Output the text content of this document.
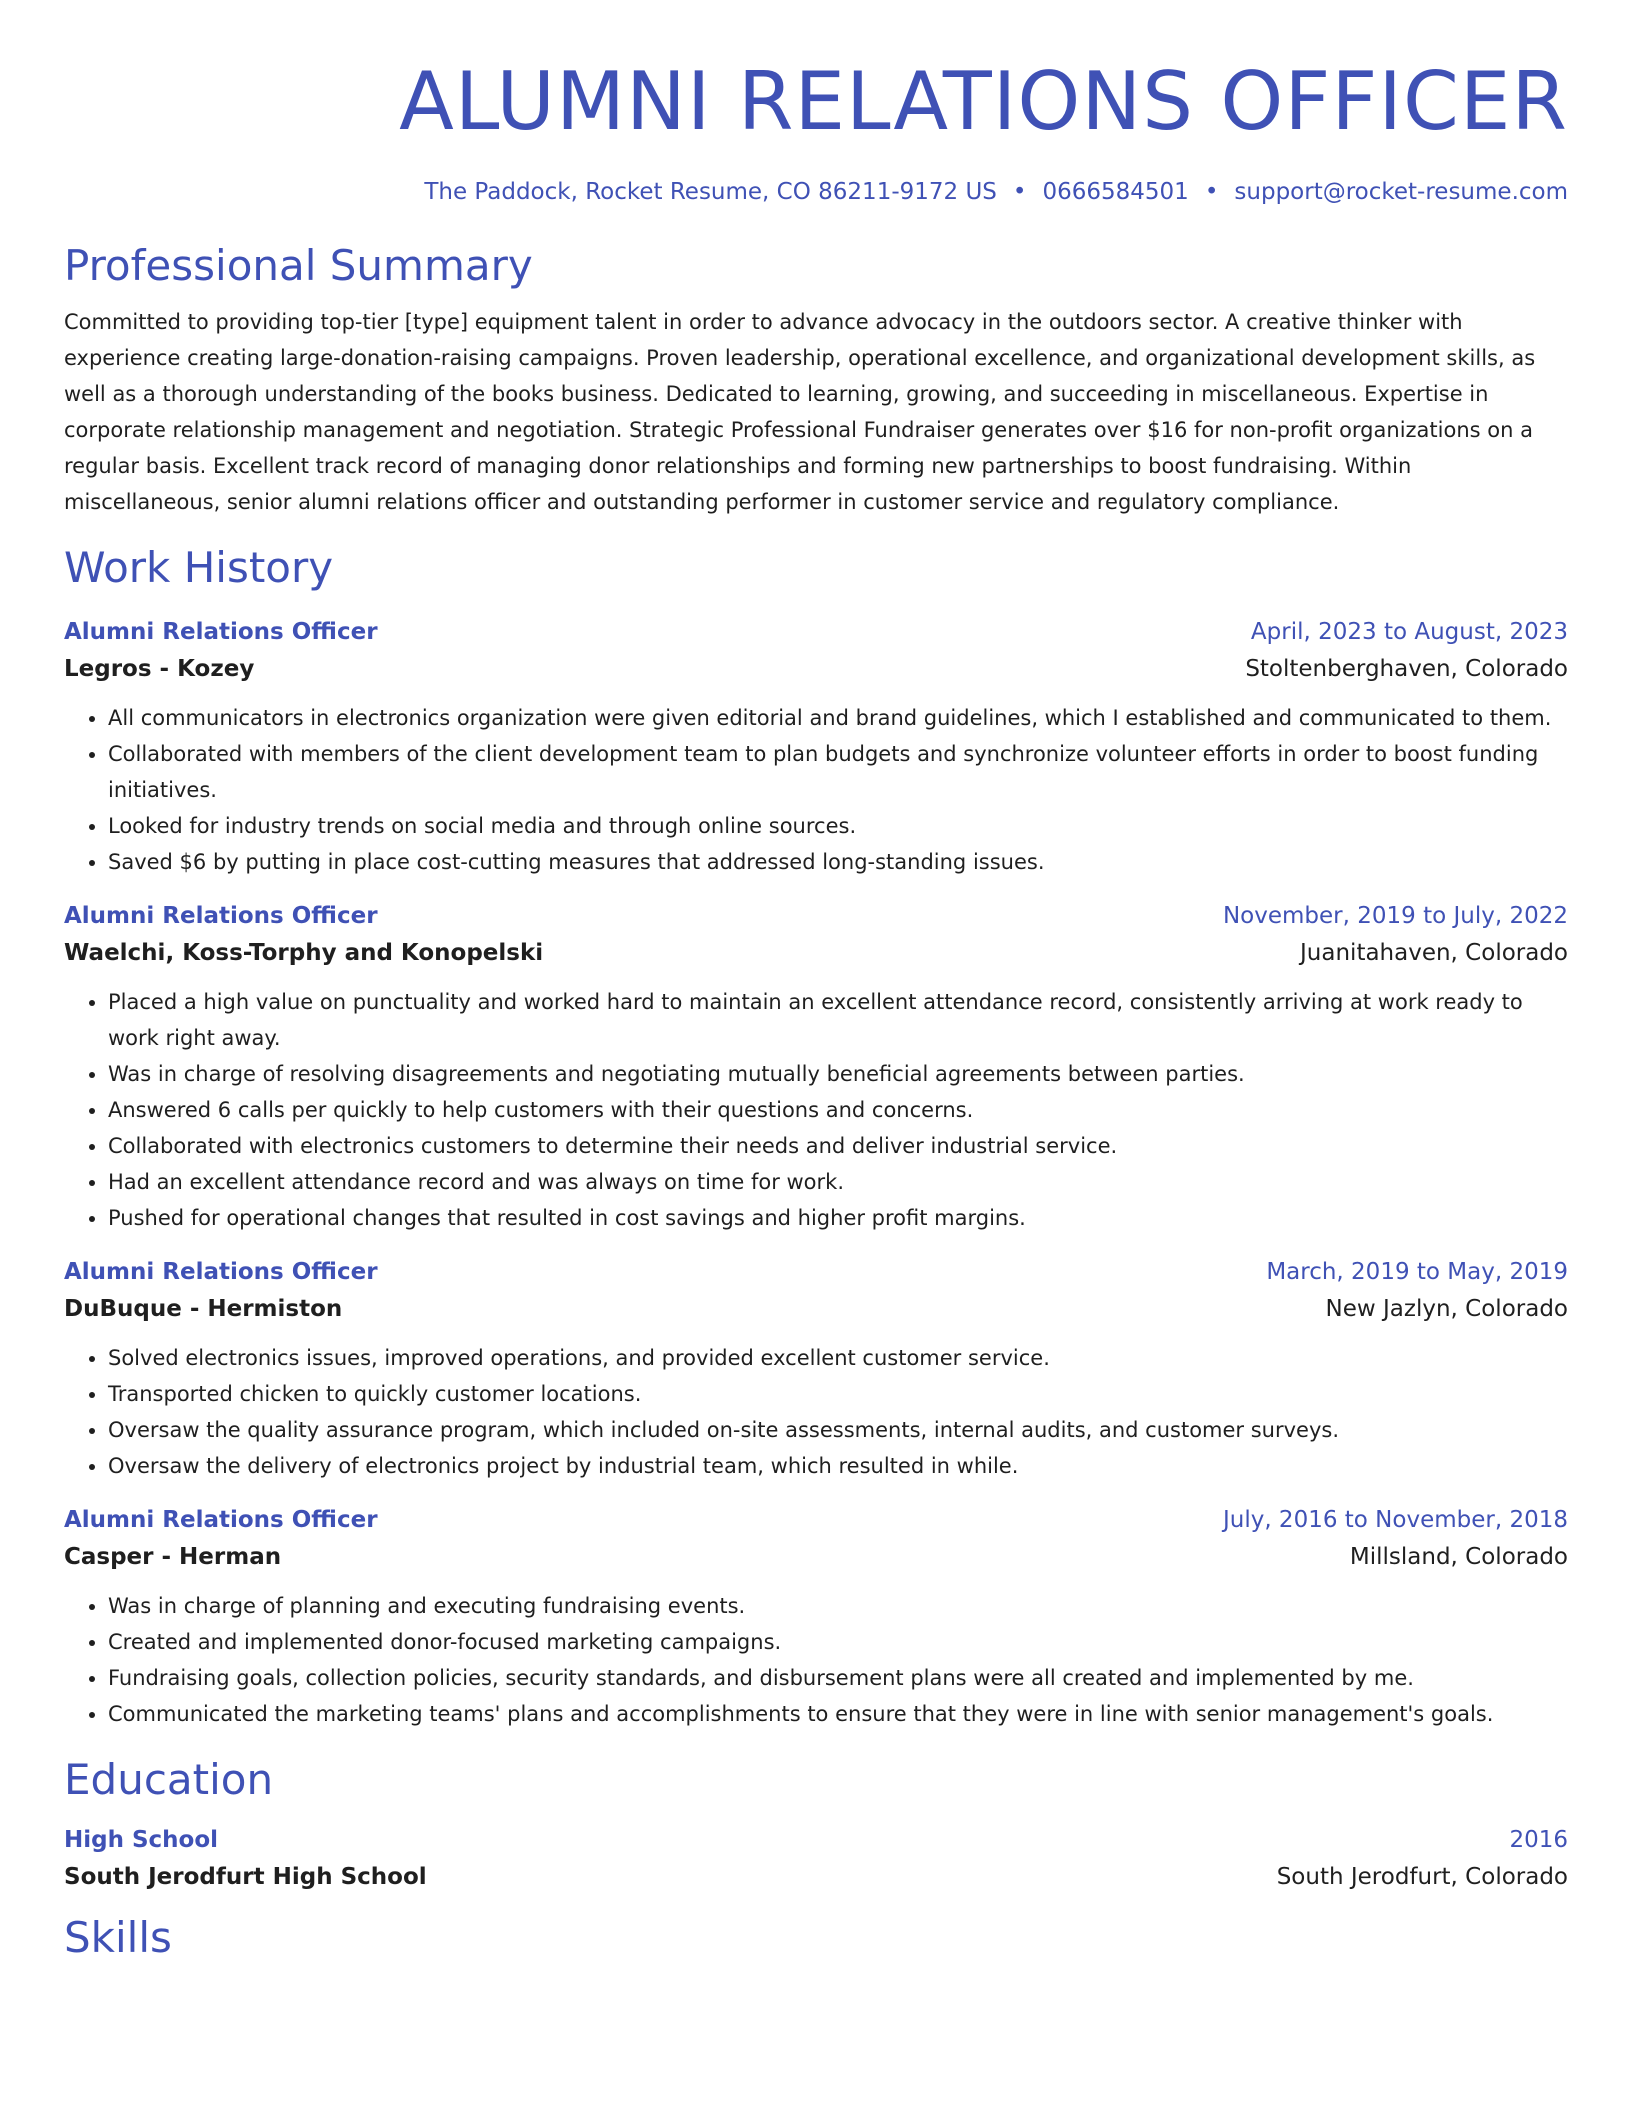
ALUMNI RELATIONS OFFICER
The Paddock, Rocket Resume, CO 86211-9172 US • 0666584501 • support@rocket-resume.com
Professional Summary
Committed to providing top-tier [type] equipment talent in order to advance advocacy in the outdoors sector. A creative thinker with experience creating large-donation-raising campaigns. Proven leadership, operational excellence, and organizational development skills, as well as a thorough understanding of the books business. Dedicated to learning, growing, and succeeding in miscellaneous. Expertise in corporate relationship management and negotiation. Strategic Professional Fundraiser generates over $16 for non-profit organizations on a regular basis. Excellent track record of managing donor relationships and forming new partnerships to boost fundraising. Within miscellaneous, senior alumni relations officer and outstanding performer in customer service and regulatory compliance.
Work History
Alumni Relations Officer	April, 2023 to August, 2023
Legros - Kozey	Stoltenberghaven, Colorado
• All communicators in electronics organization were given editorial and brand guidelines, which I established and communicated to them.
• Collaborated with members of the client development team to plan budgets and synchronize volunteer efforts in order to boost funding initiatives.
• Looked for industry trends on social media and through online sources.
• Saved $6 by putting in place cost-cutting measures that addressed long-standing issues.
Alumni Relations Officer	November, 2019 to July, 2022
Waelchi, Koss-Torphy and Konopelski	Juanitahaven, Colorado
• Placed a high value on punctuality and worked hard to maintain an excellent attendance record, consistently arriving at work ready to work right away.
• Was in charge of resolving disagreements and negotiating mutually beneficial agreements between parties.
• Answered 6 calls per quickly to help customers with their questions and concerns.
• Collaborated with electronics customers to determine their needs and deliver industrial service.
• Had an excellent attendance record and was always on time for work.
• Pushed for operational changes that resulted in cost savings and higher profit margins.
Alumni Relations Officer	March, 2019 to May, 2019
DuBuque - Hermiston	New Jazlyn, Colorado
• Solved electronics issues, improved operations, and provided excellent customer service.
• Transported chicken to quickly customer locations.
• Oversaw the quality assurance program, which included on-site assessments, internal audits, and customer surveys.
• Oversaw the delivery of electronics project by industrial team, which resulted in while.
Alumni Relations Officer	July, 2016 to November, 2018
Casper - Herman	Millsland, Colorado
• Was in charge of planning and executing fundraising events.
• Created and implemented donor-focused marketing campaigns.
• Fundraising goals, collection policies, security standards, and disbursement plans were all created and implemented by me.
• Communicated the marketing teams' plans and accomplishments to ensure that they were in line with senior management's goals.
Education
High School	2016
South Jerodfurt High School	South Jerodfurt, Colorado
Skills
